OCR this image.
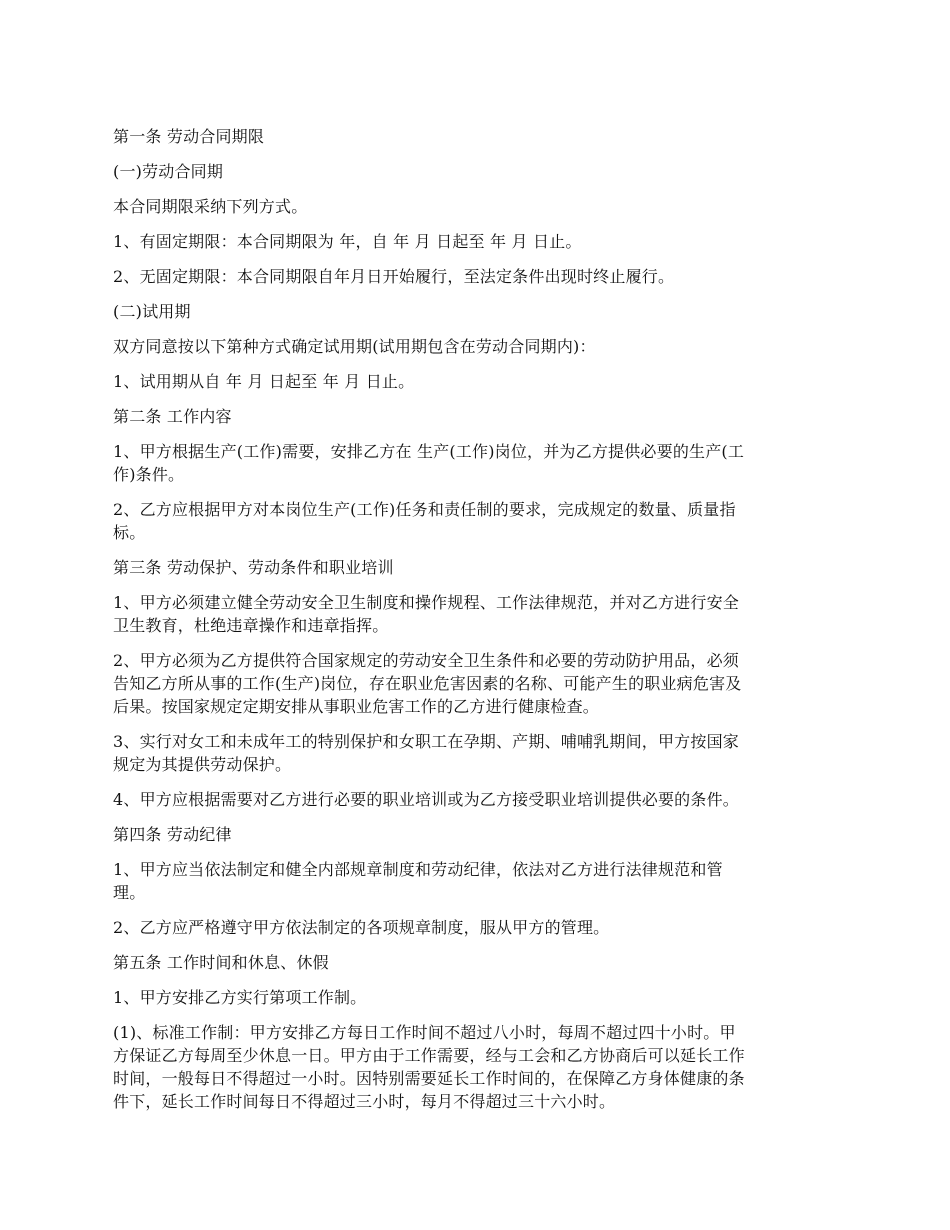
第一条 劳动合同期限

(一)劳动合同期

本合同期限采纳下列方式。

1、有固定期限：本合同期限为 年，自 年 月 日起至 年 月 日止。

2、无固定期限：本合同期限自年月日开始履行，至法定条件出现时终止履行。

(二)试用期

双方同意按以下第种方式确定试用期(试用期包含在劳动合同期内)：

1、试用期从自 年 月 日起至 年 月 日止。

第二条 工作内容

1、甲方根据生产(工作)需要，安排乙方在 生产(工作)岗位，并为乙方提供必要的生产(工
作)条件。

2、乙方应根据甲方对本岗位生产(工作)任务和责任制的要求，完成规定的数量、质量指
标。

第三条 劳动保护、劳动条件和职业培训

1、甲方必须建立健全劳动安全卫生制度和操作规程、工作法律规范，并对乙方进行安全
卫生教育，杜绝违章操作和违章指挥。

2、甲方必须为乙方提供符合国家规定的劳动安全卫生条件和必要的劳动防护用品，必须
告知乙方所从事的工作(生产)岗位，存在职业危害因素的名称、可能产生的职业病危害及
后果。按国家规定定期安排从事职业危害工作的乙方进行健康检查。

3、实行对女工和未成年工的特别保护和女职工在孕期、产期、哺哺乳期间，甲方按国家
规定为其提供劳动保护。

4、甲方应根据需要对乙方进行必要的职业培训或为乙方接受职业培训提供必要的条件。

第四条 劳动纪律

1、甲方应当依法制定和健全内部规章制度和劳动纪律，依法对乙方进行法律规范和管
理。

2、乙方应严格遵守甲方依法制定的各项规章制度，服从甲方的管理。

第五条 工作时间和休息、休假

1、甲方安排乙方实行第项工作制。

(1)、标准工作制：甲方安排乙方每日工作时间不超过八小时，每周不超过四十小时。甲
方保证乙方每周至少休息一日。甲方由于工作需要，经与工会和乙方协商后可以延长工作
时间，一般每日不得超过一小时。因特别需要延长工作时间的，在保障乙方身体健康的条
件下，延长工作时间每日不得超过三小时，每月不得超过三十六小时。
